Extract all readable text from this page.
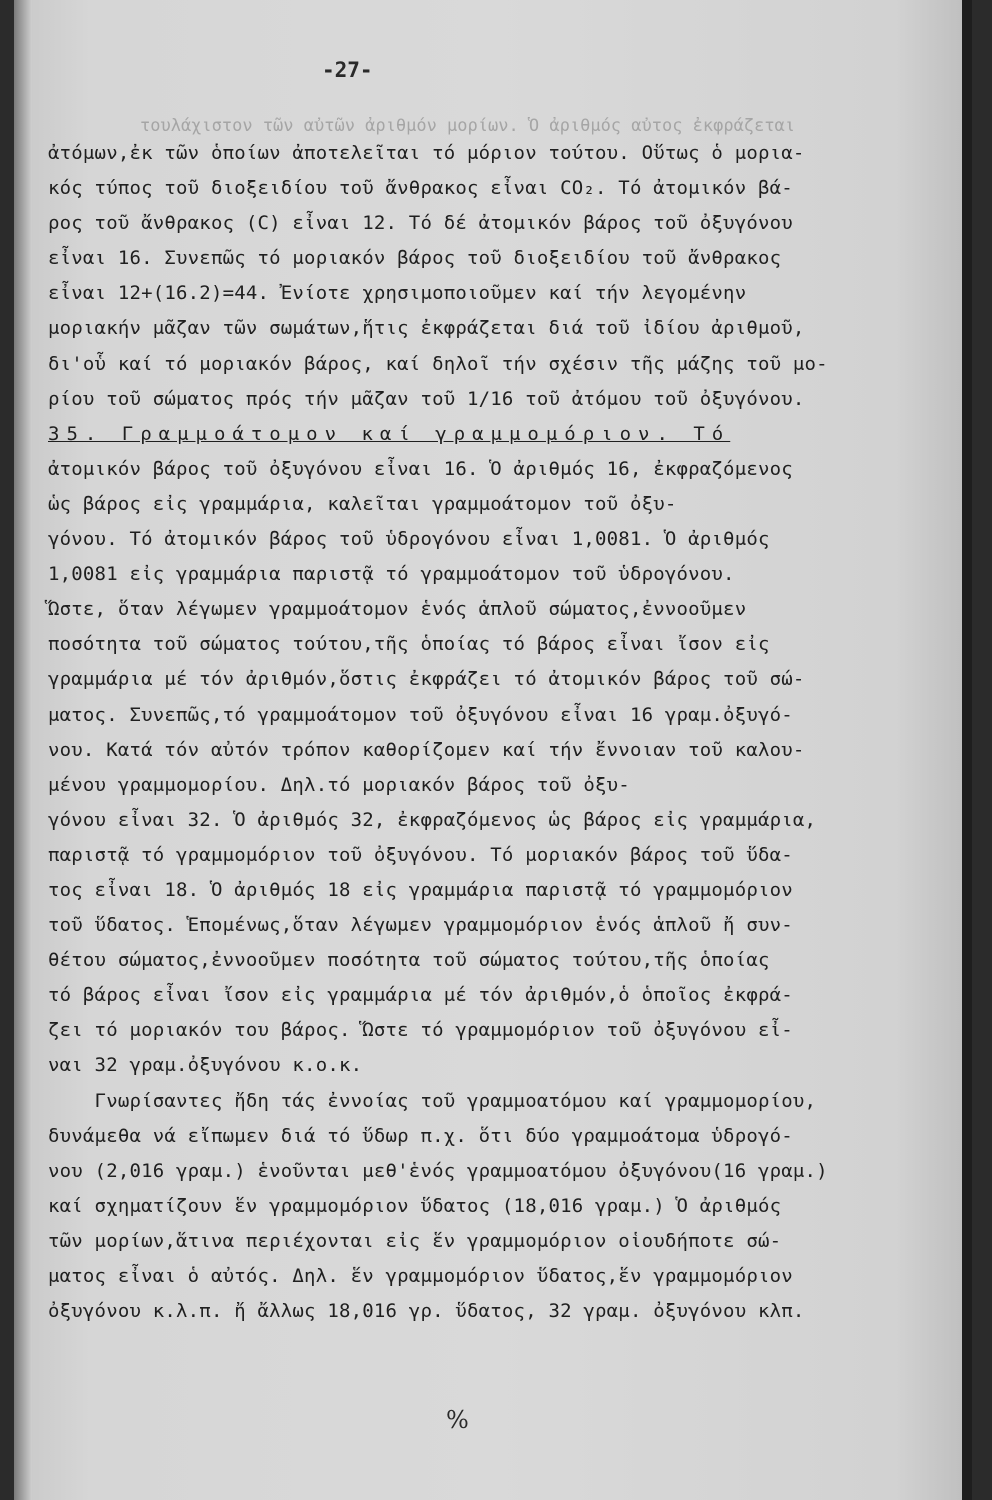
-27-

τουλάχιστον τῶν αὐτῶν ἀριθμόν μορίων. Ὁ ἀριθμός αὐτος ἐκφράζεται

ἀτόμων,ἐκ τῶν ὁποίων ἀποτελεῖται τό μόριον τούτου. Οὕτως ὁ μορια-

κός τύπος τοῦ διοξειδίου τοῦ ἄνθρακος εἶναι CO₂. Τό ἀτομικόν βά-

ρος τοῦ ἄνθρακος (C) εἶναι 12. Τό δέ ἀτομικόν βάρος τοῦ ὀξυγόνου

εἶναι 16. Συνεπῶς τό μοριακόν βάρος τοῦ διοξειδίου τοῦ ἄνθρακος

εἶναι 12+(16.2)=44. Ἐνίοτε χρησιμοποιοῦμεν καί τήν λεγομένην

μοριακήν μᾶζαν τῶν σωμάτων,ἥτις ἐκφράζεται διά τοῦ ἰδίου ἀριθμοῦ,

δι'οὗ καί τό μοριακόν βάρος, καί δηλοῖ τήν σχέσιν τῆς μάζης τοῦ μο-

ρίου τοῦ σώματος πρός τήν μᾶζαν τοῦ 1/16 τοῦ ἀτόμου τοῦ ὀξυγόνου.

35. Γραμμοάτομον καί γραμμομόριον. Τό

ἀτομικόν βάρος τοῦ ὀξυγόνου εἶναι 16. Ὁ ἀριθμός 16, ἐκφραζόμενος

ὡς βάρος εἰς γραμμάρια, καλεῖται γραμμοάτομον τοῦ ὀξυ-

γόνου. Τό ἀτομικόν βάρος τοῦ ὑδρογόνου εἶναι 1,0081. Ὁ ἀριθμός

1,0081 εἰς γραμμάρια παριστᾷ τό γραμμοάτομον τοῦ ὑδρογόνου.

Ὥστε, ὅταν λέγωμεν γραμμοάτομον ἑνός ἁπλοῦ σώματος,ἐννοοῦμεν

ποσότητα τοῦ σώματος τούτου,τῆς ὁποίας τό βάρος εἶναι ἴσον εἰς

γραμμάρια μέ τόν ἀριθμόν,ὅστις ἐκφράζει τό ἀτομικόν βάρος τοῦ σώ-

ματος. Συνεπῶς,τό γραμμοάτομον τοῦ ὀξυγόνου εἶναι 16 γραμ.ὀξυγό-

νου. Κατά τόν αὐτόν τρόπον καθορίζομεν καί τήν ἔννοιαν τοῦ καλου-

μένου γραμμομορίου. Δηλ.τό μοριακόν βάρος τοῦ ὀξυ-

γόνου εἶναι 32. Ὁ ἀριθμός 32, ἐκφραζόμενος ὡς βάρος εἰς γραμμάρια,

παριστᾷ τό γραμμομόριον τοῦ ὀξυγόνου. Τό μοριακόν βάρος τοῦ ὕδα-

τος εἶναι 18. Ὁ ἀριθμός 18 εἰς γραμμάρια παριστᾷ τό γραμμομόριον

τοῦ ὕδατος. Ἑπομένως,ὅταν λέγωμεν γραμμομόριον ἑνός ἁπλοῦ ἤ συν-

θέτου σώματος,ἐννοοῦμεν ποσότητα τοῦ σώματος τούτου,τῆς ὁποίας

τό βάρος εἶναι ἴσον εἰς γραμμάρια μέ τόν ἀριθμόν,ὁ ὁποῖος ἐκφρά-

ζει τό μοριακόν του βάρος. Ὥστε τό γραμμομόριον τοῦ ὀξυγόνου εἶ-

ναι 32 γραμ.ὀξυγόνου κ.ο.κ.

Γνωρίσαντες ἤδη τάς ἐννοίας τοῦ γραμμοατόμου καί γραμμομορίου,

δυνάμεθα νά εἴπωμεν διά τό ὕδωρ π.χ. ὅτι δύο γραμμοάτομα ὑδρογό-

νου (2,016 γραμ.) ἑνοῦνται μεθ'ἑνός γραμμοατόμου ὀξυγόνου(16 γραμ.)

καί σχηματίζουν ἕν γραμμομόριον ὕδατος (18,016 γραμ.) Ὁ ἀριθμός

τῶν μορίων,ἅτινα περιέχονται εἰς ἕν γραμμομόριον οἱουδήποτε σώ-

ματος εἶναι ὁ αὐτός. Δηλ. ἕν γραμμομόριον ὕδατος,ἕν γραμμομόριον

ὀξυγόνου κ.λ.π. ἤ ἄλλως 18,016 γρ. ὕδατος, 32 γραμ. ὀξυγόνου κλπ.

%
